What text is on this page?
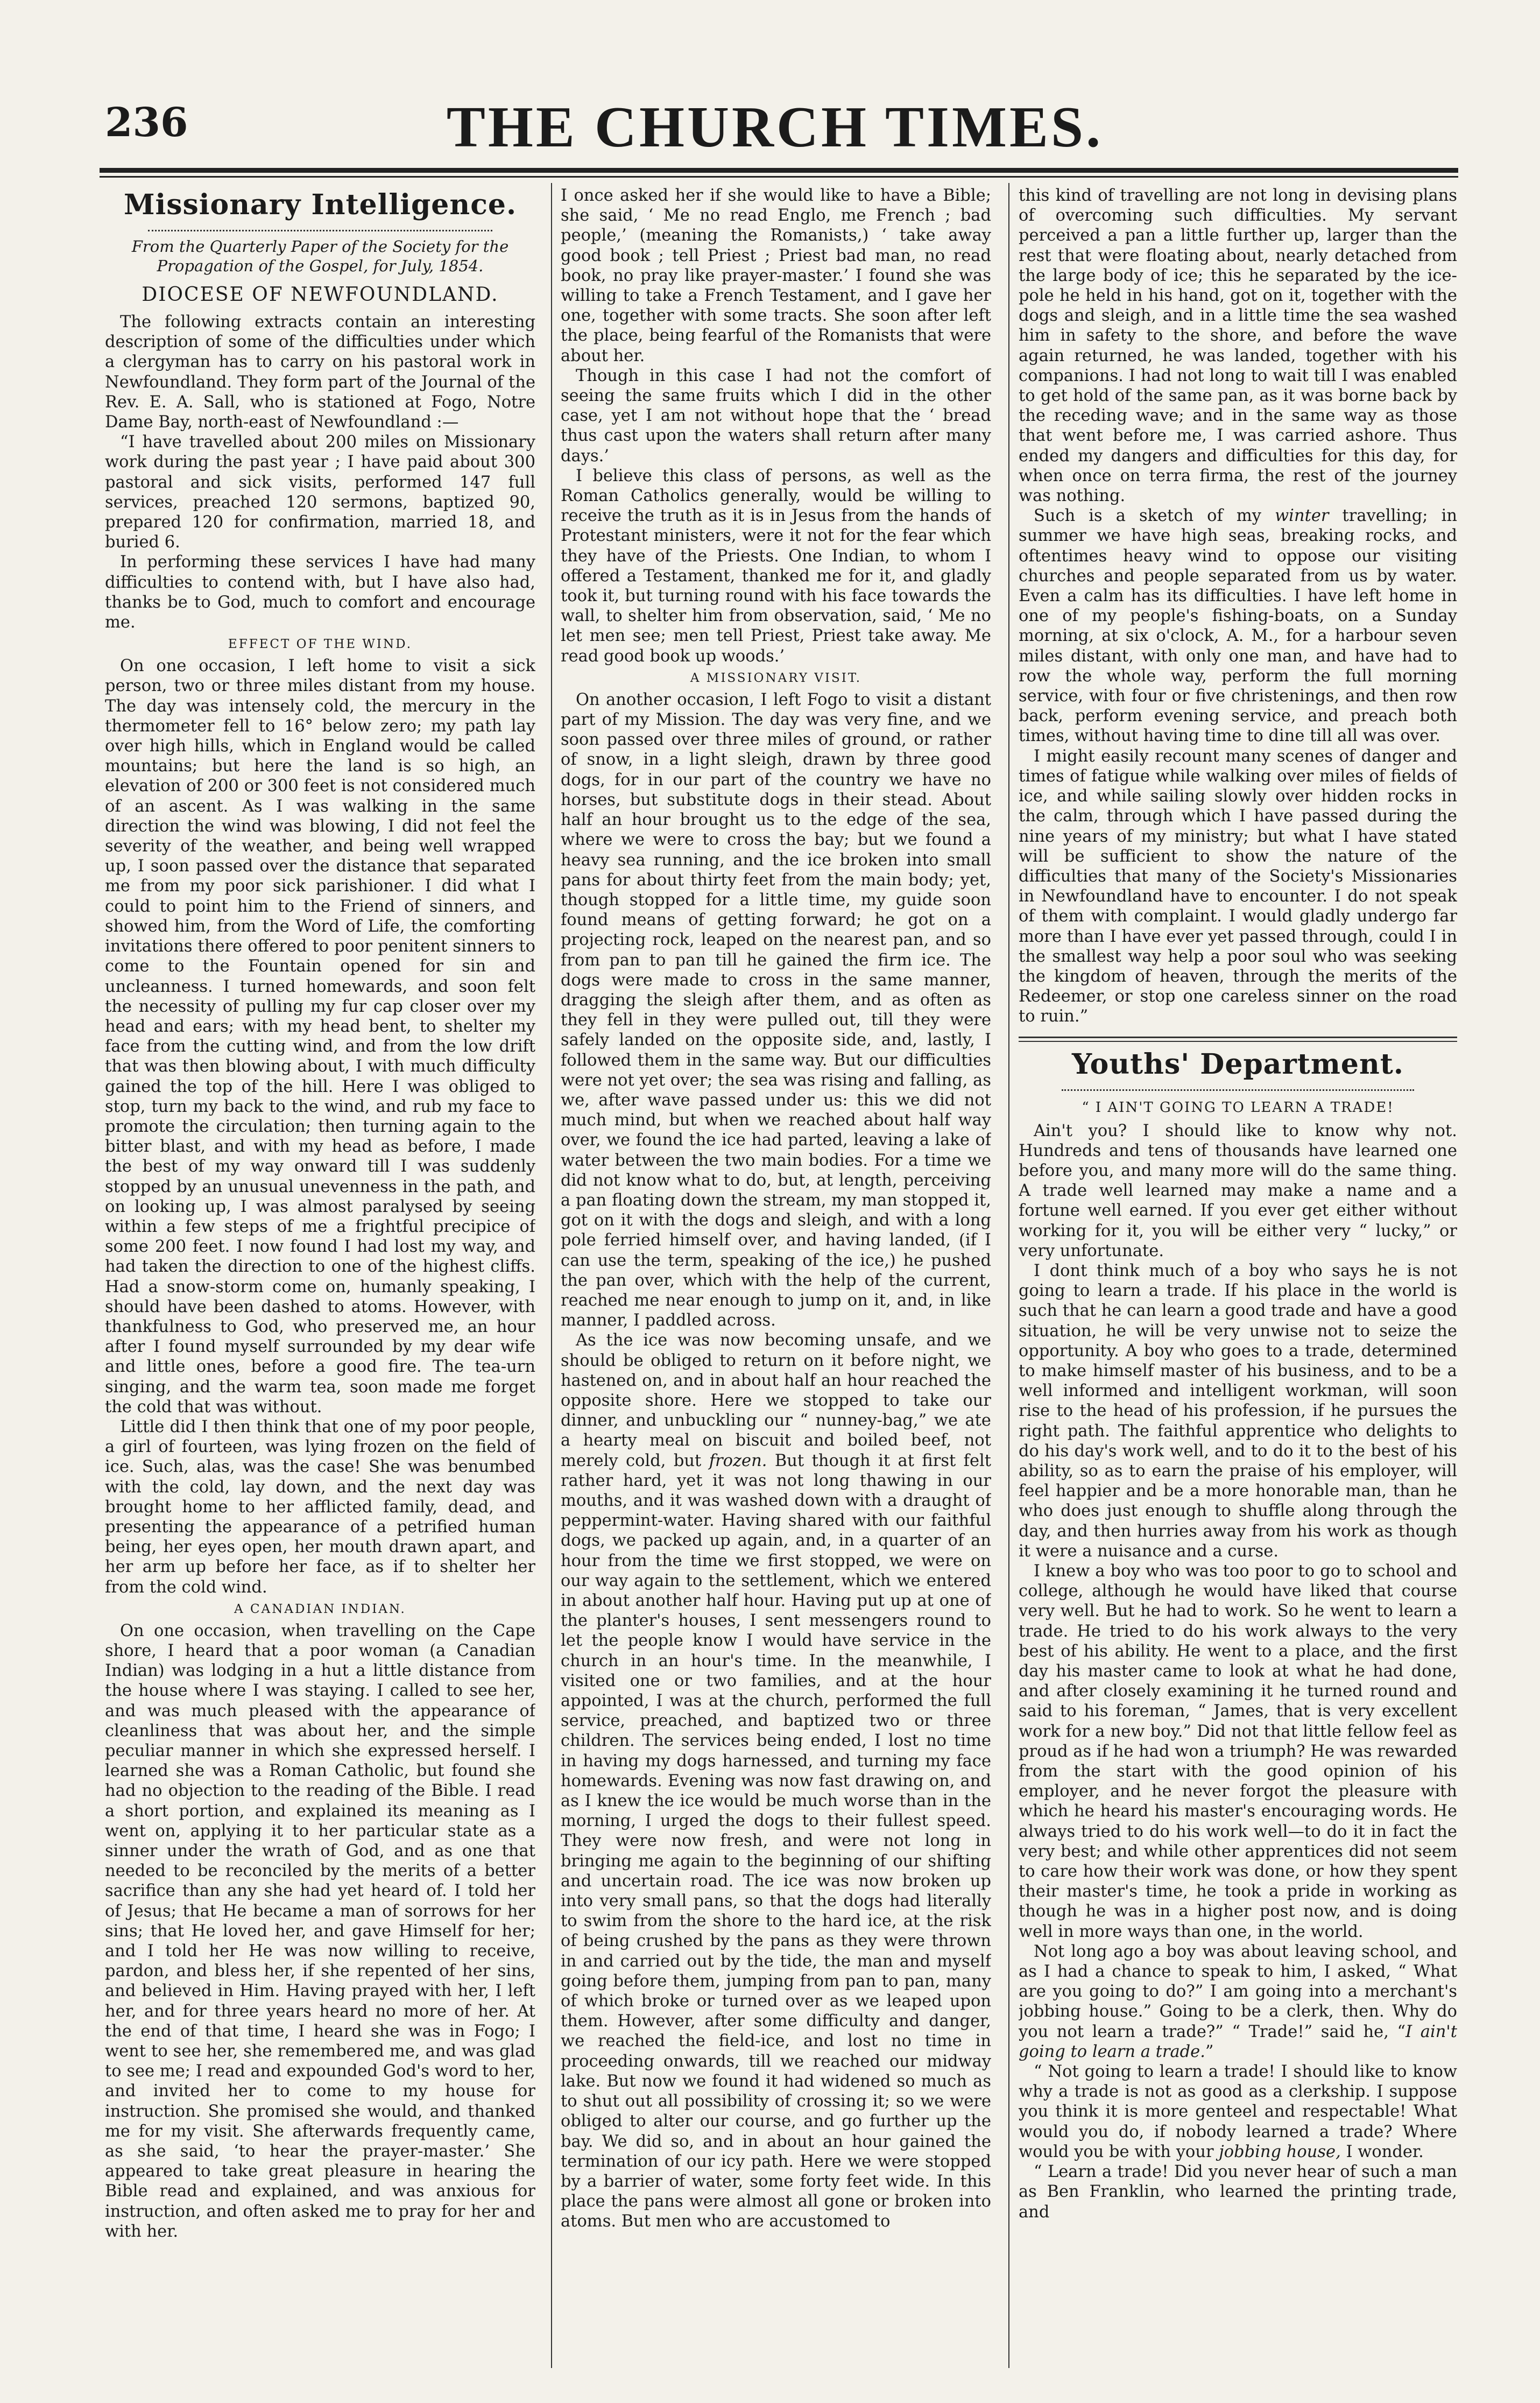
236	THE CHURCH TIMES.
Missionary Intelligence.
From the Quarterly Paper of the Society for the Propagation of the Gospel, for July, 1854.
DIOCESE OF NEWFOUNDLAND.

The following extracts contain an interesting description of some of the difficulties under which a clergyman has to carry on his pastoral work in Newfoundland. They form part of the Journal of the Rev. E. A. Sall, who is stationed at Fogo, Notre Dame Bay, north-east of Newfoundland :—

“I have travelled about 200 miles on Missionary work during the past year ; I have paid about 300 pastoral and sick visits, performed 147 full services, preached 120 sermons, baptized 90, prepared 120 for confirmation, married 18, and buried 6.

In performing these services I have had many difficulties to contend with, but I have also had, thanks be to God, much to comfort and encourage me.

EFFECT OF THE WIND.

On one occasion, I left home to visit a sick person, two or three miles distant from my house. The day was intensely cold, the mercury in the thermometer fell to 16° below zero; my path lay over high hills, which in England would be called mountains; but here the land is so high, an elevation of 200 or 300 feet is not considered much of an ascent. As I was walking in the same direction the wind was blowing, I did not feel the severity of the weather, and being well wrapped up, I soon passed over the distance that separated me from my poor sick parishioner. I did what I could to point him to the Friend of sinners, and showed him, from the Word of Life, the comforting invitations there offered to poor penitent sinners to come to the Fountain opened for sin and uncleanness. I turned homewards, and soon felt the necessity of pulling my fur cap closer over my head and ears; with my head bent, to shelter my face from the cutting wind, and from the low drift that was then blowing about, I with much difficulty gained the top of the hill. Here I was obliged to stop, turn my back to the wind, and rub my face to promote the circulation; then turning again to the bitter blast, and with my head as before, I made the best of my way onward till I was suddenly stopped by an unusual unevenness in the path, and on looking up, I was almost paralysed by seeing within a few steps of me a frightful precipice of some 200 feet. I now found I had lost my way, and had taken the direction to one of the highest cliffs. Had a snow-storm come on, humanly speaking, I should have been dashed to atoms. However, with thankfulness to God, who preserved me, an hour after I found myself surrounded by my dear wife and little ones, before a good fire. The tea-urn singing, and the warm tea, soon made me forget the cold that was without.

Little did I then think that one of my poor people, a girl of fourteen, was lying frozen on the field of ice. Such, alas, was the case! She was benumbed with the cold, lay down, and the next day was brought home to her afflicted family, dead, and presenting the appearance of a petrified human being, her eyes open, her mouth drawn apart, and her arm up before her face, as if to shelter her from the cold wind.

A CANADIAN INDIAN.

On one occasion, when travelling on the Cape shore, I heard that a poor woman (a Canadian Indian) was lodging in a hut a little distance from the house where I was staying. I called to see her, and was much pleased with the appearance of cleanliness that was about her, and the simple peculiar manner in which she expressed herself. I learned she was a Roman Catholic, but found she had no objection to the reading of the Bible. I read a short portion, and explained its meaning as I went on, applying it to her particular state as a sinner under the wrath of God, and as one that needed to be reconciled by the merits of a better sacrifice than any she had yet heard of. I told her of Jesus; that He became a man of sorrows for her sins; that He loved her, and gave Himself for her; and I told her He was now willing to receive, pardon, and bless her, if she repented of her sins, and believed in Him. Having prayed with her, I left her, and for three years heard no more of her. At the end of that time, I heard she was in Fogo; I went to see her, she remembered me, and was glad to see me; I read and expounded God's word to her, and invited her to come to my house for instruction. She promised she would, and thanked me for my visit. She afterwards frequently came, as she said, ‘to hear the prayer-master.’ She appeared to take great pleasure in hearing the Bible read and explained, and was anxious for instruction, and often asked me to pray for her and with her.

I once asked her if she would like to have a Bible; she said, ‘ Me no read Englo, me French ; bad people,’ (meaning the Romanists,) ‘ take away good book ; tell Priest ; Priest bad man, no read book, no pray like prayer-master.’ I found she was willing to take a French Testament, and I gave her one, together with some tracts. She soon after left the place, being fearful of the Romanists that were about her.

Though in this case I had not the comfort of seeing the same fruits which I did in the other case, yet I am not without hope that the ‘ bread thus cast upon the waters shall return after many days.’

I believe this class of persons, as well as the Roman Catholics generally, would be willing to receive the truth as it is in Jesus from the hands of Protestant ministers, were it not for the fear which they have of the Priests. One Indian, to whom I offered a Testament, thanked me for it, and gladly took it, but turning round with his face towards the wall, to shelter him from observation, said, ‘ Me no let men see; men tell Priest, Priest take away. Me read good book up woods.’

A MISSIONARY VISIT.

On another occasion, I left Fogo to visit a distant part of my Mission. The day was very fine, and we soon passed over three miles of ground, or rather of snow, in a light sleigh, drawn by three good dogs, for in our part of the country we have no horses, but substitute dogs in their stead. About half an hour brought us to the edge of the sea, where we were to cross the bay; but we found a heavy sea running, and the ice broken into small pans for about thirty feet from the main body; yet, though stopped for a little time, my guide soon found means of getting forward; he got on a projecting rock, leaped on the nearest pan, and so from pan to pan till he gained the firm ice. The dogs were made to cross in the same manner, dragging the sleigh after them, and as often as they fell in they were pulled out, till they were safely landed on the opposite side, and, lastly, I followed them in the same way. But our difficulties were not yet over; the sea was rising and falling, as we, after wave passed under us: this we did not much mind, but when we reached about half way over, we found the ice had parted, leaving a lake of water between the two main bodies. For a time we did not know what to do, but, at length, perceiving a pan floating down the stream, my man stopped it, got on it with the dogs and sleigh, and with a long pole ferried himself over, and having landed, (if I can use the term, speaking of the ice,) he pushed the pan over, which with the help of the current, reached me near enough to jump on it, and, in like manner, I paddled across.

As the ice was now becoming unsafe, and we should be obliged to return on it before night, we hastened on, and in about half an hour reached the opposite shore. Here we stopped to take our dinner, and unbuckling our “ nunney-bag,” we ate a hearty meal on biscuit and boiled beef, not merely cold, but frozen. But though it at first felt rather hard, yet it was not long thawing in our mouths, and it was washed down with a draught of peppermint-water. Having shared with our faithful dogs, we packed up again, and, in a quarter of an hour from the time we first stopped, we were on our way again to the settlement, which we entered in about another half hour. Having put up at one of the planter's houses, I sent messengers round to let the people know I would have service in the church in an hour's time. In the meanwhile, I visited one or two families, and at the hour appointed, I was at the church, performed the full service, preached, and baptized two or three children. The services being ended, I lost no time in having my dogs harnessed, and turning my face homewards. Evening was now fast drawing on, and as I knew the ice would be much worse than in the morning, I urged the dogs to their fullest speed. They were now fresh, and were not long in bringing me again to the beginning of our shifting and uncertain road. The ice was now broken up into very small pans, so that the dogs had literally to swim from the shore to the hard ice, at the risk of being crushed by the pans as they were thrown in and carried out by the tide, the man and myself going before them, jumping from pan to pan, many of which broke or turned over as we leaped upon them. However, after some difficulty and danger, we reached the field-ice, and lost no time in proceeding onwards, till we reached our midway lake. But now we found it had widened so much as to shut out all possibility of crossing it; so we were obliged to alter our course, and go further up the bay. We did so, and in about an hour gained the termination of our icy path. Here we were stopped by a barrier of water, some forty feet wide. In this place the pans were almost all gone or broken into atoms. But men who are accustomed to

this kind of travelling are not long in devising plans of overcoming such difficulties. My servant perceived a pan a little further up, larger than the rest that were floating about, nearly detached from the large body of ice; this he separated by the ice-pole he held in his hand, got on it, together with the dogs and sleigh, and in a little time the sea washed him in safety to the shore, and before the wave again returned, he was landed, together with his companions. I had not long to wait till I was enabled to get hold of the same pan, as it was borne back by the receding wave; and in the same way as those that went before me, I was carried ashore. Thus ended my dangers and difficulties for this day, for when once on terra firma, the rest of the journey was nothing.

Such is a sketch of my winter travelling; in summer we have high seas, breaking rocks, and oftentimes heavy wind to oppose our visiting churches and people separated from us by water. Even a calm has its difficulties. I have left home in one of my people's fishing-boats, on a Sunday morning, at six o'clock, A. M., for a harbour seven miles distant, with only one man, and have had to row the whole way, perform the full morning service, with four or five christenings, and then row back, perform evening service, and preach both times, without having time to dine till all was over.

I might easily recount many scenes of danger and times of fatigue while walking over miles of fields of ice, and while sailing slowly over hidden rocks in the calm, through which I have passed during the nine years of my ministry; but what I have stated will be sufficient to show the nature of the difficulties that many of the Society's Missionaries in Newfoundland have to encounter. I do not speak of them with complaint. I would gladly undergo far more than I have ever yet passed through, could I in the smallest way help a poor soul who was seeking the kingdom of heaven, through the merits of the Redeemer, or stop one careless sinner on the road to ruin.”

Youths' Department.
“ I AIN'T GOING TO LEARN A TRADE!

Ain't you? I should like to know why not. Hundreds and tens of thousands have learned one before you, and many more will do the same thing. A trade well learned may make a name and a fortune well earned. If you ever get either without working for it, you will be either very “ lucky,” or very unfortunate.

I dont think much of a boy who says he is not going to learn a trade. If his place in the world is such that he can learn a good trade and have a good situation, he will be very unwise not to seize the opportunity. A boy who goes to a trade, determined to make himself master of his business, and to be a well informed and intelligent workman, will soon rise to the head of his profession, if he pursues the right path. The faithful apprentice who delights to do his day's work well, and to do it to the best of his ability, so as to earn the praise of his employer, will feel happier and be a more honorable man, than he who does just enough to shuffle along through the day, and then hurries away from his work as though it were a nuisance and a curse.

I knew a boy who was too poor to go to school and college, although he would have liked that course very well. But he had to work. So he went to learn a trade. He tried to do his work always to the very best of his ability. He went to a place, and the first day his master came to look at what he had done, and after closely examining it he turned round and said to his foreman, “ James, that is very excellent work for a new boy.” Did not that little fellow feel as proud as if he had won a triumph? He was rewarded from the start with the good opinion of his employer, and he never forgot the pleasure with which he heard his master's encouraging words. He always tried to do his work well—to do it in fact the very best; and while other apprentices did not seem to care how their work was done, or how they spent their master's time, he took a pride in working as though he was in a higher post now, and is doing well in more ways than one, in the world.

Not long ago a boy was about leaving school, and as I had a chance to speak to him, I asked, “ What are you going to do?” I am going into a merchant's jobbing house.” Going to be a clerk, then. Why do you not learn a trade?” “ Trade!” said he, “I ain't going to learn a trade.”

“ Not going to learn a trade! I should like to know why a trade is not as good as a clerkship. I suppose you think it is more genteel and respectable! What would you do, if nobody learned a trade? Where would you be with your jobbing house, I wonder.

“ Learn a trade! Did you never hear of such a man as Ben Franklin, who learned the printing trade, and
